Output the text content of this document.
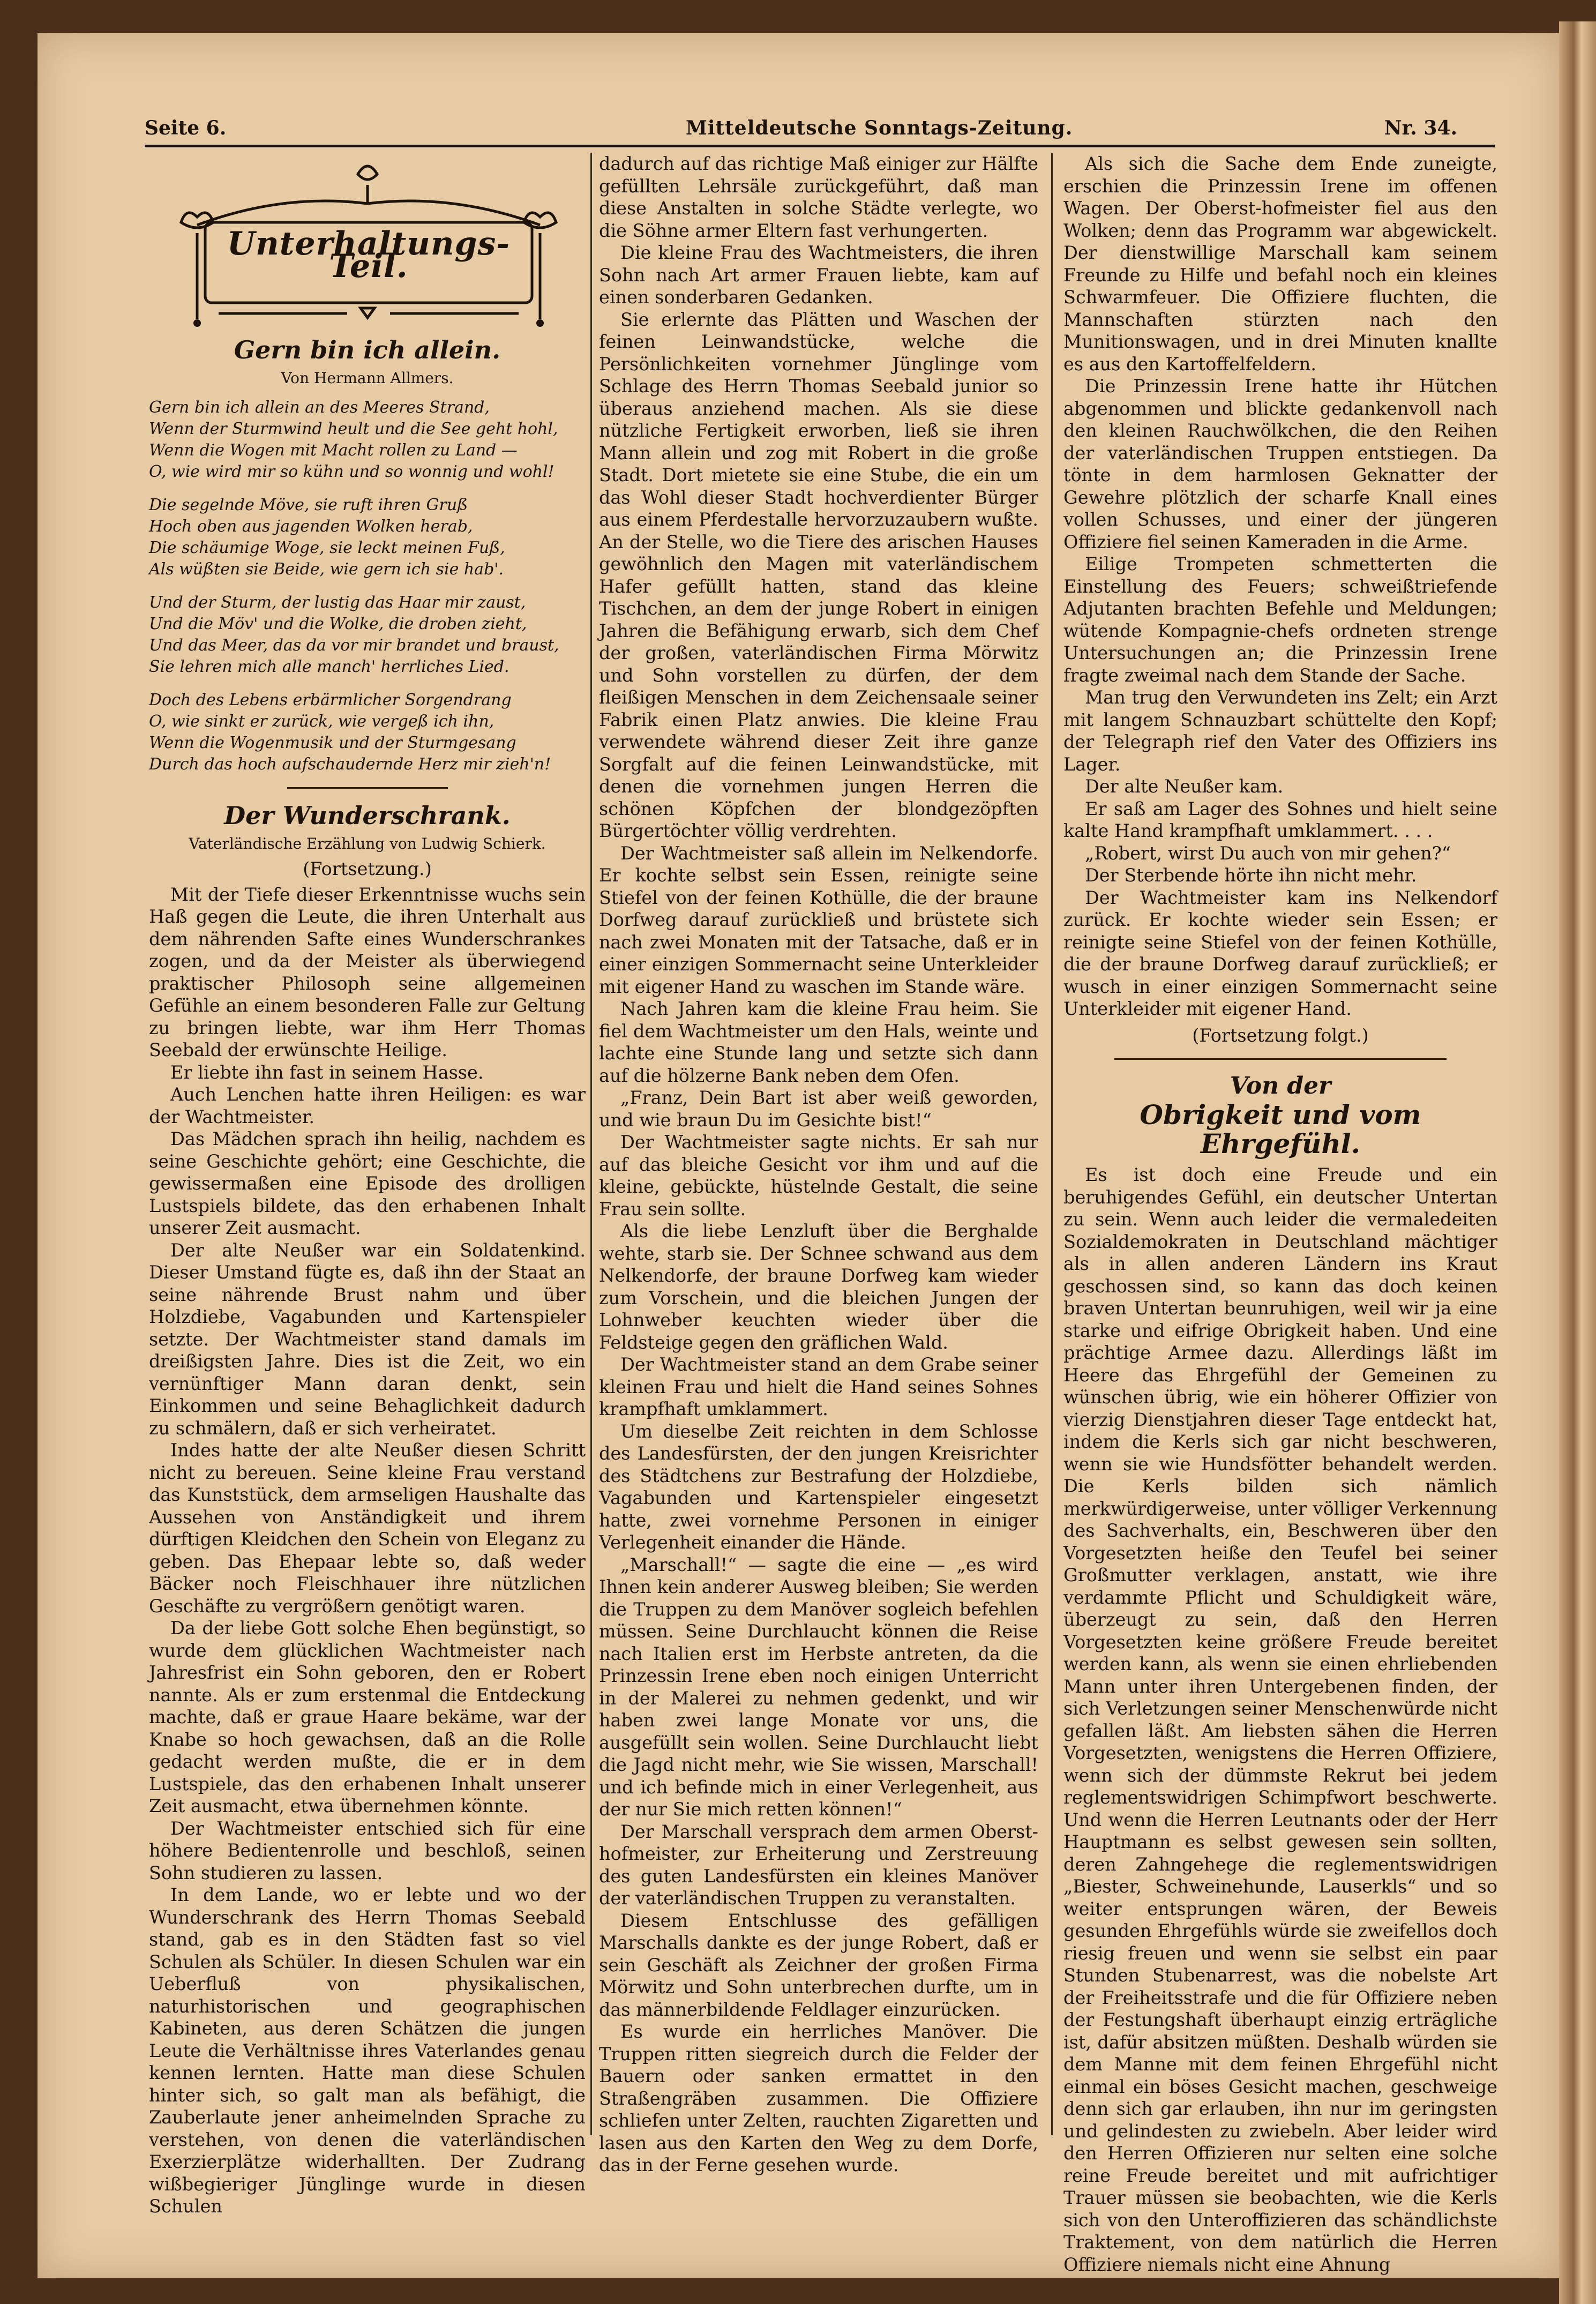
Seite 6.	Mitteldeutsche Sonntags-Zeitung.	Nr. 34.
Unterhaltungs-Teil.
Gern bin ich allein.
Von Hermann Allmers.

Gern bin ich allein an des Meeres Strand,
Wenn der Sturmwind heult und die See geht hohl,
Wenn die Wogen mit Macht rollen zu Land —
O, wie wird mir so kühn und so wonnig und wohl!

Die segelnde Möve, sie ruft ihren Gruß
Hoch oben aus jagenden Wolken herab,
Die schäumige Woge, sie leckt meinen Fuß,
Als wüßten sie Beide, wie gern ich sie hab'.

Und der Sturm, der lustig das Haar mir zaust,
Und die Möv' und die Wolke, die droben zieht,
Und das Meer, das da vor mir brandet und braust,
Sie lehren mich alle manch' herrliches Lied.

Doch des Lebens erbärmlicher Sorgendrang
O, wie sinkt er zurück, wie vergeß ich ihn,
Wenn die Wogenmusik und der Sturmgesang
Durch das hoch aufschaudernde Herz mir zieh'n!

Der Wunderschrank.
Vaterländische Erzählung von Ludwig Schierk.
(Fortsetzung.)

Mit der Tiefe dieser Erkenntnisse wuchs sein Haß gegen die Leute, die ihren Unterhalt aus dem nährenden Safte eines Wunderschrankes zogen, und da der Meister als überwiegend praktischer Philosoph seine allgemeinen Gefühle an einem besonderen Falle zur Geltung zu bringen liebte, war ihm Herr Thomas Seebald der erwünschte Heilige.

Er liebte ihn fast in seinem Hasse.

Auch Lenchen hatte ihren Heiligen: es war der Wachtmeister.

Das Mädchen sprach ihn heilig, nachdem es seine Geschichte gehört; eine Geschichte, die gewissermaßen eine Episode des drolligen Lustspiels bildete, das den erhabenen Inhalt unserer Zeit ausmacht.

Der alte Neußer war ein Soldatenkind. Dieser Umstand fügte es, daß ihn der Staat an seine nährende Brust nahm und über Holzdiebe, Vagabunden und Kartenspieler setzte. Der Wachtmeister stand damals im dreißigsten Jahre. Dies ist die Zeit, wo ein vernünftiger Mann daran denkt, sein Einkommen und seine Behaglichkeit dadurch zu schmälern, daß er sich verheiratet.

Indes hatte der alte Neußer diesen Schritt nicht zu bereuen. Seine kleine Frau verstand das Kunststück, dem armseligen Haushalte das Aussehen von Anständigkeit und ihrem dürftigen Kleidchen den Schein von Eleganz zu geben. Das Ehepaar lebte so, daß weder Bäcker noch Fleischhauer ihre nützlichen Geschäfte zu vergrößern genötigt waren.

Da der liebe Gott solche Ehen begünstigt, so wurde dem glücklichen Wachtmeister nach Jahresfrist ein Sohn geboren, den er Robert nannte. Als er zum erstenmal die Entdeckung machte, daß er graue Haare bekäme, war der Knabe so hoch gewachsen, daß an die Rolle gedacht werden mußte, die er in dem Lustspiele, das den erhabenen Inhalt unserer Zeit ausmacht, etwa übernehmen könnte.

Der Wachtmeister entschied sich für eine höhere Bedientenrolle und beschloß, seinen Sohn studieren zu lassen.

In dem Lande, wo er lebte und wo der Wunderschrank des Herrn Thomas Seebald stand, gab es in den Städten fast so viel Schulen als Schüler. In diesen Schulen war ein Ueberfluß von physikalischen, naturhistorischen und geographischen Kabineten, aus deren Schätzen die jungen Leute die Verhältnisse ihres Vaterlandes genau kennen lernten. Hatte man diese Schulen hinter sich, so galt man als befähigt, die Zauberlaute jener anheimelnden Sprache zu verstehen, von denen die vaterländischen Exerzierplätze widerhallten. Der Zudrang wißbegieriger Jünglinge wurde in diesen Schulen

dadurch auf das richtige Maß einiger zur Hälfte gefüllten Lehrsäle zurückgeführt, daß man diese Anstalten in solche Städte verlegte, wo die Söhne armer Eltern fast verhungerten.

Die kleine Frau des Wachtmeisters, die ihren Sohn nach Art armer Frauen liebte, kam auf einen sonderbaren Gedanken.

Sie erlernte das Plätten und Waschen der feinen Leinwandstücke, welche die Persönlichkeiten vornehmer Jünglinge vom Schlage des Herrn Thomas Seebald junior so überaus anziehend machen. Als sie diese nützliche Fertigkeit erworben, ließ sie ihren Mann allein und zog mit Robert in die große Stadt. Dort mietete sie eine Stube, die ein um das Wohl dieser Stadt hochverdienter Bürger aus einem Pferdestalle hervorzuzaubern wußte. An der Stelle, wo die Tiere des arischen Hauses gewöhnlich den Magen mit vaterländischem Hafer gefüllt hatten, stand das kleine Tischchen, an dem der junge Robert in einigen Jahren die Befähigung erwarb, sich dem Chef der großen, vaterländischen Firma Mörwitz und Sohn vorstellen zu dürfen, der dem fleißigen Menschen in dem Zeichensaale seiner Fabrik einen Platz anwies. Die kleine Frau verwendete während dieser Zeit ihre ganze Sorgfalt auf die feinen Leinwandstücke, mit denen die vornehmen jungen Herren die schönen Köpfchen der blondgezöpften Bürgertöchter völlig verdrehten.

Der Wachtmeister saß allein im Nelkendorfe. Er kochte selbst sein Essen, reinigte seine Stiefel von der feinen Kothülle, die der braune Dorfweg darauf zurückließ und brüstete sich nach zwei Monaten mit der Tatsache, daß er in einer einzigen Sommernacht seine Unterkleider mit eigener Hand zu waschen im Stande wäre.

Nach Jahren kam die kleine Frau heim. Sie fiel dem Wachtmeister um den Hals, weinte und lachte eine Stunde lang und setzte sich dann auf die hölzerne Bank neben dem Ofen.

„Franz, Dein Bart ist aber weiß geworden, und wie braun Du im Gesichte bist!“

Der Wachtmeister sagte nichts. Er sah nur auf das bleiche Gesicht vor ihm und auf die kleine, gebückte, hüstelnde Gestalt, die seine Frau sein sollte.

Als die liebe Lenzluft über die Berghalde wehte, starb sie. Der Schnee schwand aus dem Nelkendorfe, der braune Dorfweg kam wieder zum Vorschein, und die bleichen Jungen der Lohnweber keuchten wieder über die Feldsteige gegen den gräflichen Wald.

Der Wachtmeister stand an dem Grabe seiner kleinen Frau und hielt die Hand seines Sohnes krampfhaft umklammert.

Um dieselbe Zeit reichten in dem Schlosse des Landesfürsten, der den jungen Kreisrichter des Städtchens zur Bestrafung der Holzdiebe, Vagabunden und Kartenspieler eingesetzt hatte, zwei vornehme Personen in einiger Verlegenheit einander die Hände.

„Marschall!“ — sagte die eine — „es wird Ihnen kein anderer Ausweg bleiben; Sie werden die Truppen zu dem Manöver sogleich befehlen müssen. Seine Durchlaucht können die Reise nach Italien erst im Herbste antreten, da die Prinzessin Irene eben noch einigen Unterricht in der Malerei zu nehmen gedenkt, und wir haben zwei lange Monate vor uns, die ausgefüllt sein wollen. Seine Durchlaucht liebt die Jagd nicht mehr, wie Sie wissen, Marschall! und ich befinde mich in einer Verlegenheit, aus der nur Sie mich retten können!“

Der Marschall versprach dem armen Oberst-hofmeister, zur Erheiterung und Zerstreuung des guten Landesfürsten ein kleines Manöver der vaterländischen Truppen zu veranstalten.

Diesem Entschlusse des gefälligen Marschalls dankte es der junge Robert, daß er sein Geschäft als Zeichner der großen Firma Mörwitz und Sohn unterbrechen durfte, um in das männerbildende Feldlager einzurücken.

Es wurde ein herrliches Manöver. Die Truppen ritten siegreich durch die Felder der Bauern oder sanken ermattet in den Straßengräben zusammen. Die Offiziere schliefen unter Zelten, rauchten Zigaretten und lasen aus den Karten den Weg zu dem Dorfe, das in der Ferne gesehen wurde.

Als sich die Sache dem Ende zuneigte, erschien die Prinzessin Irene im offenen Wagen. Der Oberst-hofmeister fiel aus den Wolken; denn das Programm war abgewickelt. Der dienstwillige Marschall kam seinem Freunde zu Hilfe und befahl noch ein kleines Schwarmfeuer. Die Offiziere fluchten, die Mannschaften stürzten nach den Munitionswagen, und in drei Minuten knallte es aus den Kartoffelfeldern.

Die Prinzessin Irene hatte ihr Hütchen abgenommen und blickte gedankenvoll nach den kleinen Rauchwölkchen, die den Reihen der vaterländischen Truppen entstiegen. Da tönte in dem harmlosen Geknatter der Gewehre plötzlich der scharfe Knall eines vollen Schusses, und einer der jüngeren Offiziere fiel seinen Kameraden in die Arme.

Eilige Trompeten schmetterten die Einstellung des Feuers; schweißtriefende Adjutanten brachten Befehle und Meldungen; wütende Kompagnie-chefs ordneten strenge Untersuchungen an; die Prinzessin Irene fragte zweimal nach dem Stande der Sache.

Man trug den Verwundeten ins Zelt; ein Arzt mit langem Schnauzbart schüttelte den Kopf; der Telegraph rief den Vater des Offiziers ins Lager.

Der alte Neußer kam.

Er saß am Lager des Sohnes und hielt seine kalte Hand krampfhaft umklammert. . . .

„Robert, wirst Du auch von mir gehen?“

Der Sterbende hörte ihn nicht mehr.

Der Wachtmeister kam ins Nelkendorf zurück. Er kochte wieder sein Essen; er reinigte seine Stiefel von der feinen Kothülle, die der braune Dorfweg darauf zurückließ; er wusch in einer einzigen Sommernacht seine Unterkleider mit eigener Hand.

(Fortsetzung folgt.)
Von der
Obrigkeit und vom Ehrgefühl.

Es ist doch eine Freude und ein beruhigendes Gefühl, ein deutscher Untertan zu sein. Wenn auch leider die vermaledeiten Sozialdemokraten in Deutschland mächtiger als in allen anderen Ländern ins Kraut geschossen sind, so kann das doch keinen braven Untertan beunruhigen, weil wir ja eine starke und eifrige Obrigkeit haben. Und eine prächtige Armee dazu. Allerdings läßt im Heere das Ehrgefühl der Gemeinen zu wünschen übrig, wie ein höherer Offizier von vierzig Dienstjahren dieser Tage entdeckt hat, indem die Kerls sich gar nicht beschweren, wenn sie wie Hundsfötter behandelt werden. Die Kerls bilden sich nämlich merkwürdigerweise, unter völliger Verkennung des Sachverhalts, ein, Beschweren über den Vorgesetzten heiße den Teufel bei seiner Großmutter verklagen, anstatt, wie ihre verdammte Pflicht und Schuldigkeit wäre, überzeugt zu sein, daß den Herren Vorgesetzten keine größere Freude bereitet werden kann, als wenn sie einen ehrliebenden Mann unter ihren Untergebenen finden, der sich Verletzungen seiner Menschenwürde nicht gefallen läßt. Am liebsten sähen die Herren Vorgesetzten, wenigstens die Herren Offiziere, wenn sich der dümmste Rekrut bei jedem reglementswidrigen Schimpfwort beschwerte. Und wenn die Herren Leutnants oder der Herr Hauptmann es selbst gewesen sein sollten, deren Zahngehege die reglementswidrigen „Biester, Schweinehunde, Lauserkls“ und so weiter entsprungen wären, der Beweis gesunden Ehrgefühls würde sie zweifellos doch riesig freuen und wenn sie selbst ein paar Stunden Stubenarrest, was die nobelste Art der Freiheitsstrafe und die für Offiziere neben der Festungshaft überhaupt einzig erträgliche ist, dafür absitzen müßten. Deshalb würden sie dem Manne mit dem feinen Ehrgefühl nicht einmal ein böses Gesicht machen, geschweige denn sich gar erlauben, ihn nur im geringsten und gelindesten zu zwiebeln. Aber leider wird den Herren Offizieren nur selten eine solche reine Freude bereitet und mit aufrichtiger Trauer müssen sie beobachten, wie die Kerls sich von den Unteroffizieren das schändlichste Traktement, von dem natürlich die Herren Offiziere niemals nicht eine Ahnung
